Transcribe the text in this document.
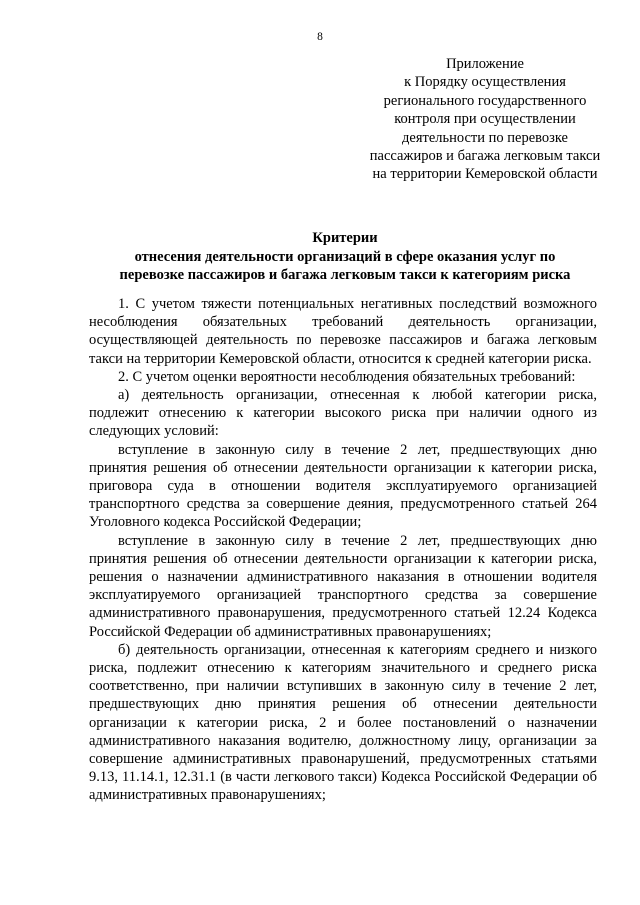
8
Приложение
к Порядку осуществления
регионального государственного
контроля при осуществлении
деятельности по перевозке
пассажиров и багажа легковым такси
на территории Кемеровской области
Критерии
отнесения деятельности организаций в сфере оказания услуг по
перевозке пассажиров и багажа легковым такси к категориям риска

1. С учетом тяжести потенциальных негативных последствий возможного несоблюдения обязательных требований деятельность организации, осуществляющей деятельность по перевозке пассажиров и багажа легковым такси на территории Кемеровской области, относится к средней категории риска.

2. С учетом оценки вероятности несоблюдения обязательных требований:

а) деятельность организации, отнесенная к любой категории риска, подлежит отнесению к категории высокого риска при наличии одного из следующих условий:

вступление в законную силу в течение 2 лет, предшествующих дню принятия решения об отнесении деятельности организации к категории риска, приговора суда в отношении водителя эксплуатируемого организацией транспортного средства за совершение деяния, предусмотренного статьей 264 Уголовного кодекса Российской Федерации;

вступление в законную силу в течение 2 лет, предшествующих дню принятия решения об отнесении деятельности организации к категории риска, решения о назначении административного наказания в отношении водителя эксплуатируемого организацией транспортного средства за совершение административного правонарушения, предусмотренного статьей 12.24 Кодекса Российской Федерации об административных правонарушениях;

б) деятельность организации, отнесенная к категориям среднего и низкого риска, подлежит отнесению к категориям значительного и среднего риска соответственно, при наличии вступивших в законную силу в течение 2 лет, предшествующих дню принятия решения об отнесении деятельности организации к категории риска, 2 и более постановлений о назначении административного наказания водителю, должностному лицу, организации за совершение административных правонарушений, предусмотренных статьями 9.13, 11.14.1, 12.31.1 (в части легкового такси) Кодекса Российской Федерации об административных правонарушениях;
